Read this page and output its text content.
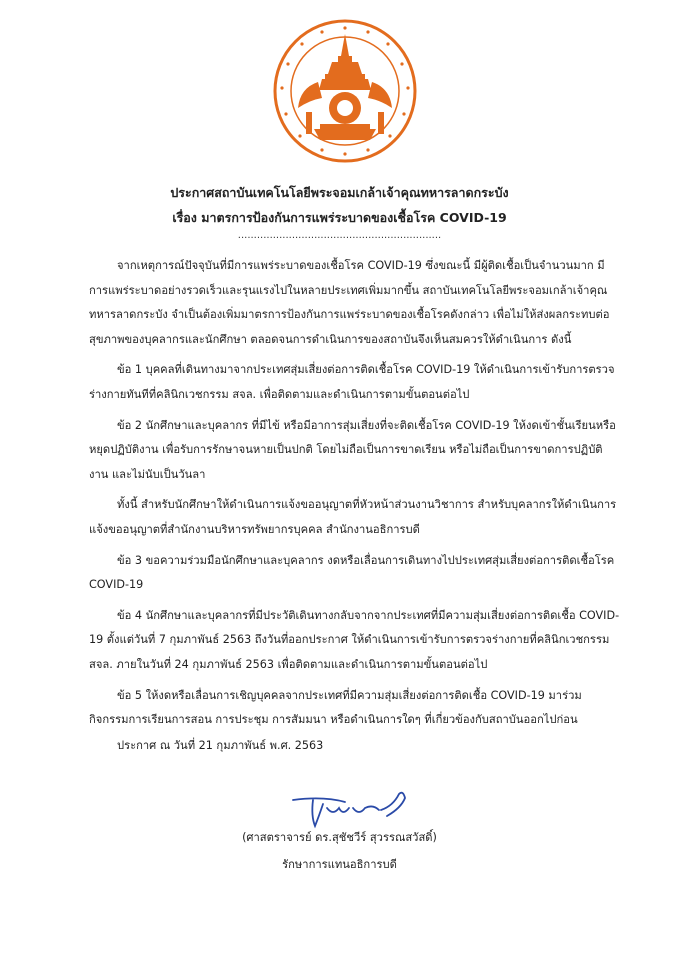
ประกาศสถาบันเทคโนโลยีพระจอมเกล้าเจ้าคุณทหารลาดกระบัง
เรื่อง มาตรการป้องกันการแพร่ระบาดของเชื้อโรค COVID-19
................................................................

จากเหตุการณ์ปัจจุบันที่มีการแพร่ระบาดของเชื้อโรค COVID-19 ซึ่งขณะนี้ มีผู้ติดเชื้อเป็นจำนวนมาก มีการแพร่ระบาดอย่างรวดเร็วและรุนแรงไปในหลายประเทศเพิ่มมากขึ้น สถาบันเทคโนโลยีพระจอมเกล้าเจ้าคุณทหารลาดกระบัง จำเป็นต้องเพิ่มมาตรการป้องกันการแพร่ระบาดของเชื้อโรคดังกล่าว เพื่อไม่ให้ส่งผลกระทบต่อสุขภาพของบุคลากรและนักศึกษา ตลอดจนการดำเนินการของสถาบันจึงเห็นสมควรให้ดำเนินการ ดังนี้

ข้อ 1 บุคคลที่เดินทางมาจากประเทศสุ่มเสี่ยงต่อการติดเชื้อโรค COVID-19 ให้ดำเนินการเข้ารับการตรวจร่างกายทันทีที่คลินิกเวชกรรม สจล. เพื่อติดตามและดำเนินการตามขั้นตอนต่อไป

ข้อ 2 นักศึกษาและบุคลากร ที่มีไข้ หรือมีอาการสุ่มเสี่ยงที่จะติดเชื้อโรค COVID-19 ให้งดเข้าชั้นเรียนหรือหยุดปฏิบัติงาน เพื่อรับการรักษาจนหายเป็นปกติ โดยไม่ถือเป็นการขาดเรียน หรือไม่ถือเป็นการขาดการปฏิบัติงาน และไม่นับเป็นวันลา

ทั้งนี้ สำหรับนักศึกษาให้ดำเนินการแจ้งขออนุญาตที่หัวหน้าส่วนงานวิชาการ สำหรับบุคลากรให้ดำเนินการแจ้งขออนุญาตที่สำนักงานบริหารทรัพยากรบุคคล สำนักงานอธิการบดี

ข้อ 3 ขอความร่วมมือนักศึกษาและบุคลากร งดหรือเลื่อนการเดินทางไปประเทศสุ่มเสี่ยงต่อการติดเชื้อโรค COVID-19

ข้อ 4 นักศึกษาและบุคลากรที่มีประวัติเดินทางกลับจากจากประเทศที่มีความสุ่มเสี่ยงต่อการติดเชื้อ COVID-19 ตั้งแต่วันที่ 7 กุมภาพันธ์ 2563 ถึงวันที่ออกประกาศ ให้ดำเนินการเข้ารับการตรวจร่างกายที่คลินิกเวชกรรม สจล. ภายในวันที่ 24 กุมภาพันธ์ 2563 เพื่อติดตามและดำเนินการตามขั้นตอนต่อไป

ข้อ 5 ให้งดหรือเลื่อนการเชิญบุคคลจากประเทศที่มีความสุ่มเสี่ยงต่อการติดเชื้อ COVID-19 มาร่วมกิจกรรมการเรียนการสอน การประชุม การสัมมนา หรือดำเนินการใดๆ ที่เกี่ยวข้องกับสถาบันออกไปก่อน

ประกาศ ณ วันที่ 21 กุมภาพันธ์ พ.ศ. 2563
(ศาสตราจารย์ ดร.สุชัชวีร์ สุวรรณสวัสดิ์)
รักษาการแทนอธิการบดี
